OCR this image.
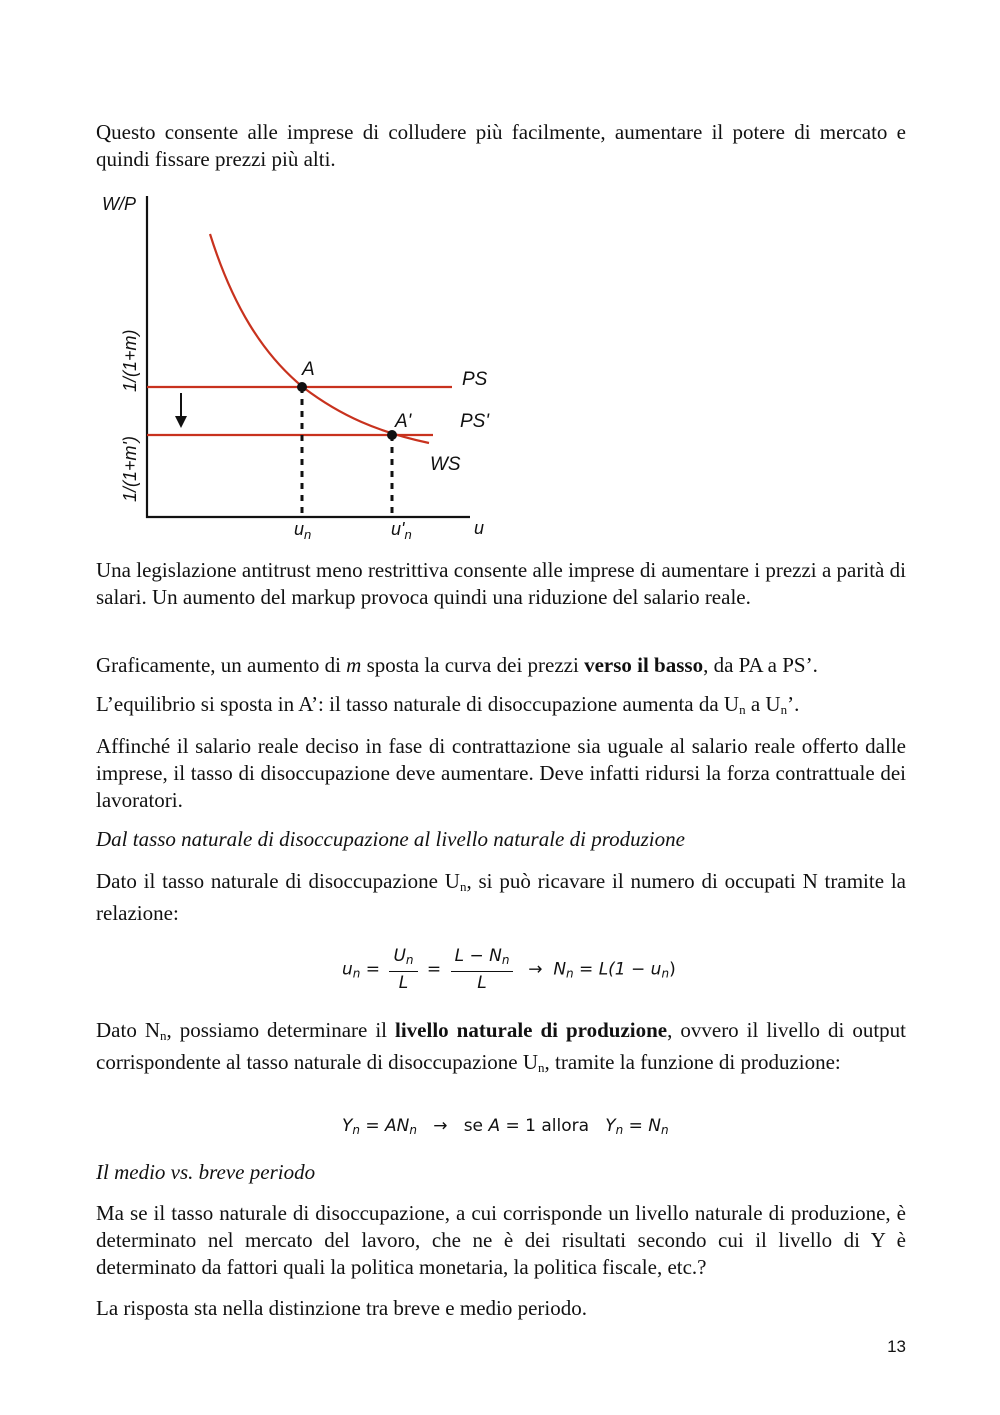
Questo consente alle imprese di colludere più facilmente, aumentare il potere di mercato e quindi fissare prezzi più alti.

W/P
u
1/(1+m)
1/(1+m')
A
A'
PS
PS'
WS
$u_n$	$u'_n$

Una legislazione antitrust meno restrittiva consente alle imprese di aumentare i prezzi a parità di salari. Un aumento del markup provoca quindi una riduzione del salario reale.

Graficamente, un aumento di m sposta la curva dei prezzi verso il basso, da PA a PS’.

L’equilibrio si sposta in A’: il tasso naturale di disoccupazione aumenta da $U_n$ a $U_n$’.

Affinché il salario reale deciso in fase di contrattazione sia uguale al salario reale offerto dalle imprese, il tasso di disoccupazione deve aumentare. Deve infatti ridursi la forza contrattuale dei lavoratori.

Dal tasso naturale di disoccupazione al livello naturale di produzione

Dato il tasso naturale di disoccupazione $U_n$, si può ricavare il numero di occupati N tramite la relazione:

un = $\frac{Un}{L} = \frac{L - Nn}{L} \to Nn = L(1 - un)$

Dato $N_n$, possiamo determinare il livello naturale di produzione, ovvero il livello di output corrispondente al tasso naturale di disoccupazione $U_n$, tramite la funzione di produzione:

Yn = ANn → se A = 1 allora Yn = Nn

Il medio vs. breve periodo

Ma se il tasso naturale di disoccupazione, a cui corrisponde un livello naturale di produzione, è determinato nel mercato del lavoro, che ne è dei risultati secondo cui il livello di Y è determinato da fattori quali la politica monetaria, la politica fiscale, etc.?

La risposta sta nella distinzione tra breve e medio periodo.

13
